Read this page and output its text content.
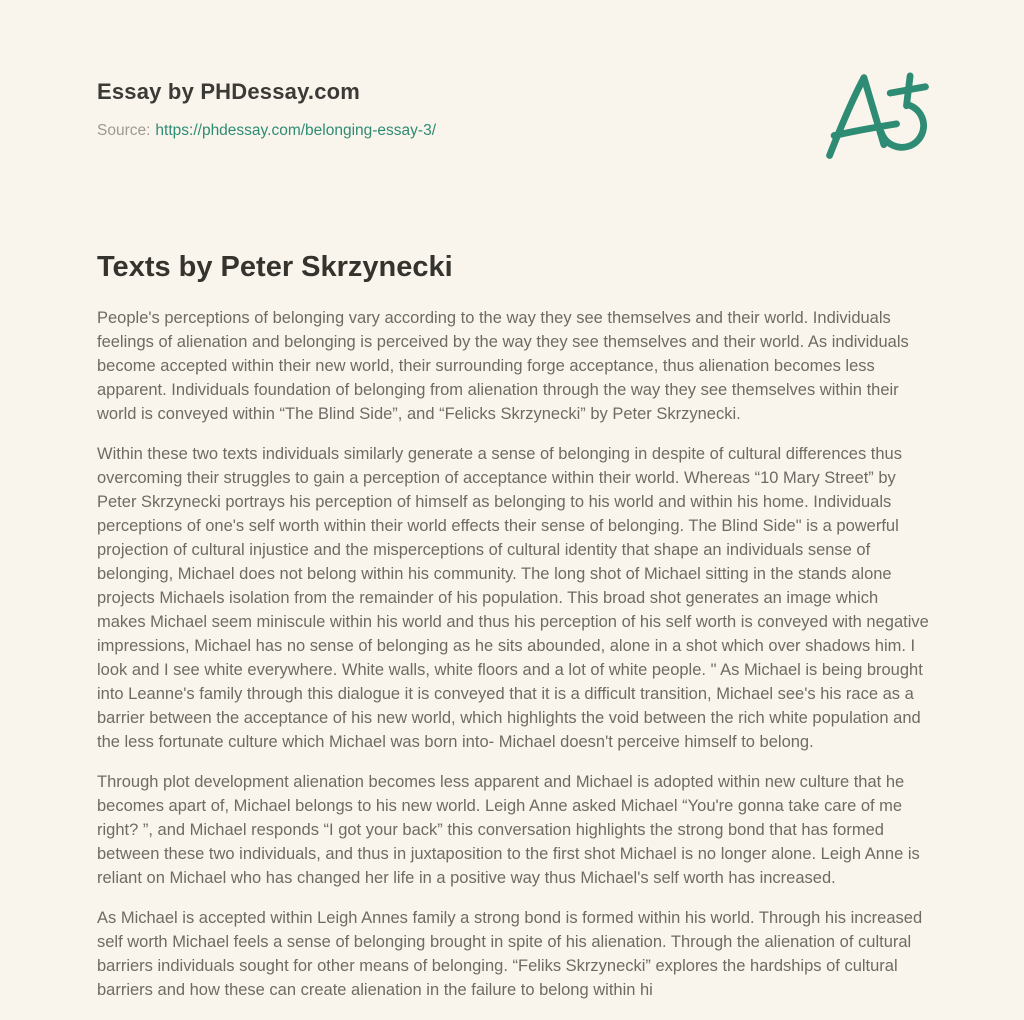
Essay by PHDessay.com
Source: https://phdessay.com/belonging-essay-3/
Texts by Peter Skrzynecki

People's perceptions of belonging vary according to the way they see themselves and their world. Individuals feelings of alienation and belonging is perceived by the way they see themselves and their world. As individuals become accepted within their new world, their surrounding forge acceptance, thus alienation becomes less apparent. Individuals foundation of belonging from alienation through the way they see themselves within their world is conveyed within “The Blind Side”, and “Felicks Skrzynecki” by Peter Skrzynecki.

Within these two texts individuals similarly generate a sense of belonging in despite of cultural differences thus overcoming their struggles to gain a perception of acceptance within their world. Whereas “10 Mary Street” by Peter Skrzynecki portrays his perception of himself as belonging to his world and within his home. Individuals perceptions of one's self worth within their world effects their sense of belonging. The Blind Side" is a powerful projection of cultural injustice and the misperceptions of cultural identity that shape an individuals sense of belonging, Michael does not belong within his community. The long shot of Michael sitting in the stands alone projects Michaels isolation from the remainder of his population. This broad shot generates an image which makes Michael seem miniscule within his world and thus his perception of his self worth is conveyed with negative impressions, Michael has no sense of belonging as he sits abounded, alone in a shot which over shadows him. I look and I see white everywhere. White walls, white floors and a lot of white people. " As Michael is being brought into Leanne's family through this dialogue it is conveyed that it is a difficult transition, Michael see's his race as a barrier between the acceptance of his new world, which highlights the void between the rich white population and the less fortunate culture which Michael was born into- Michael doesn't perceive himself to belong.

Through plot development alienation becomes less apparent and Michael is adopted within new culture that he becomes apart of, Michael belongs to his new world. Leigh Anne asked Michael “You're gonna take care of me right? ”, and Michael responds “I got your back” this conversation highlights the strong bond that has formed between these two individuals, and thus in juxtaposition to the first shot Michael is no longer alone. Leigh Anne is reliant on Michael who has changed her life in a positive way thus Michael's self worth has increased.

As Michael is accepted within Leigh Annes family a strong bond is formed within his world. Through his increased self worth Michael feels a sense of belonging brought in spite of his alienation. Through the alienation of cultural barriers individuals sought for other means of belonging. “Feliks Skrzynecki” explores the hardships of cultural barriers and how these can create alienation in the failure to belong within hi
